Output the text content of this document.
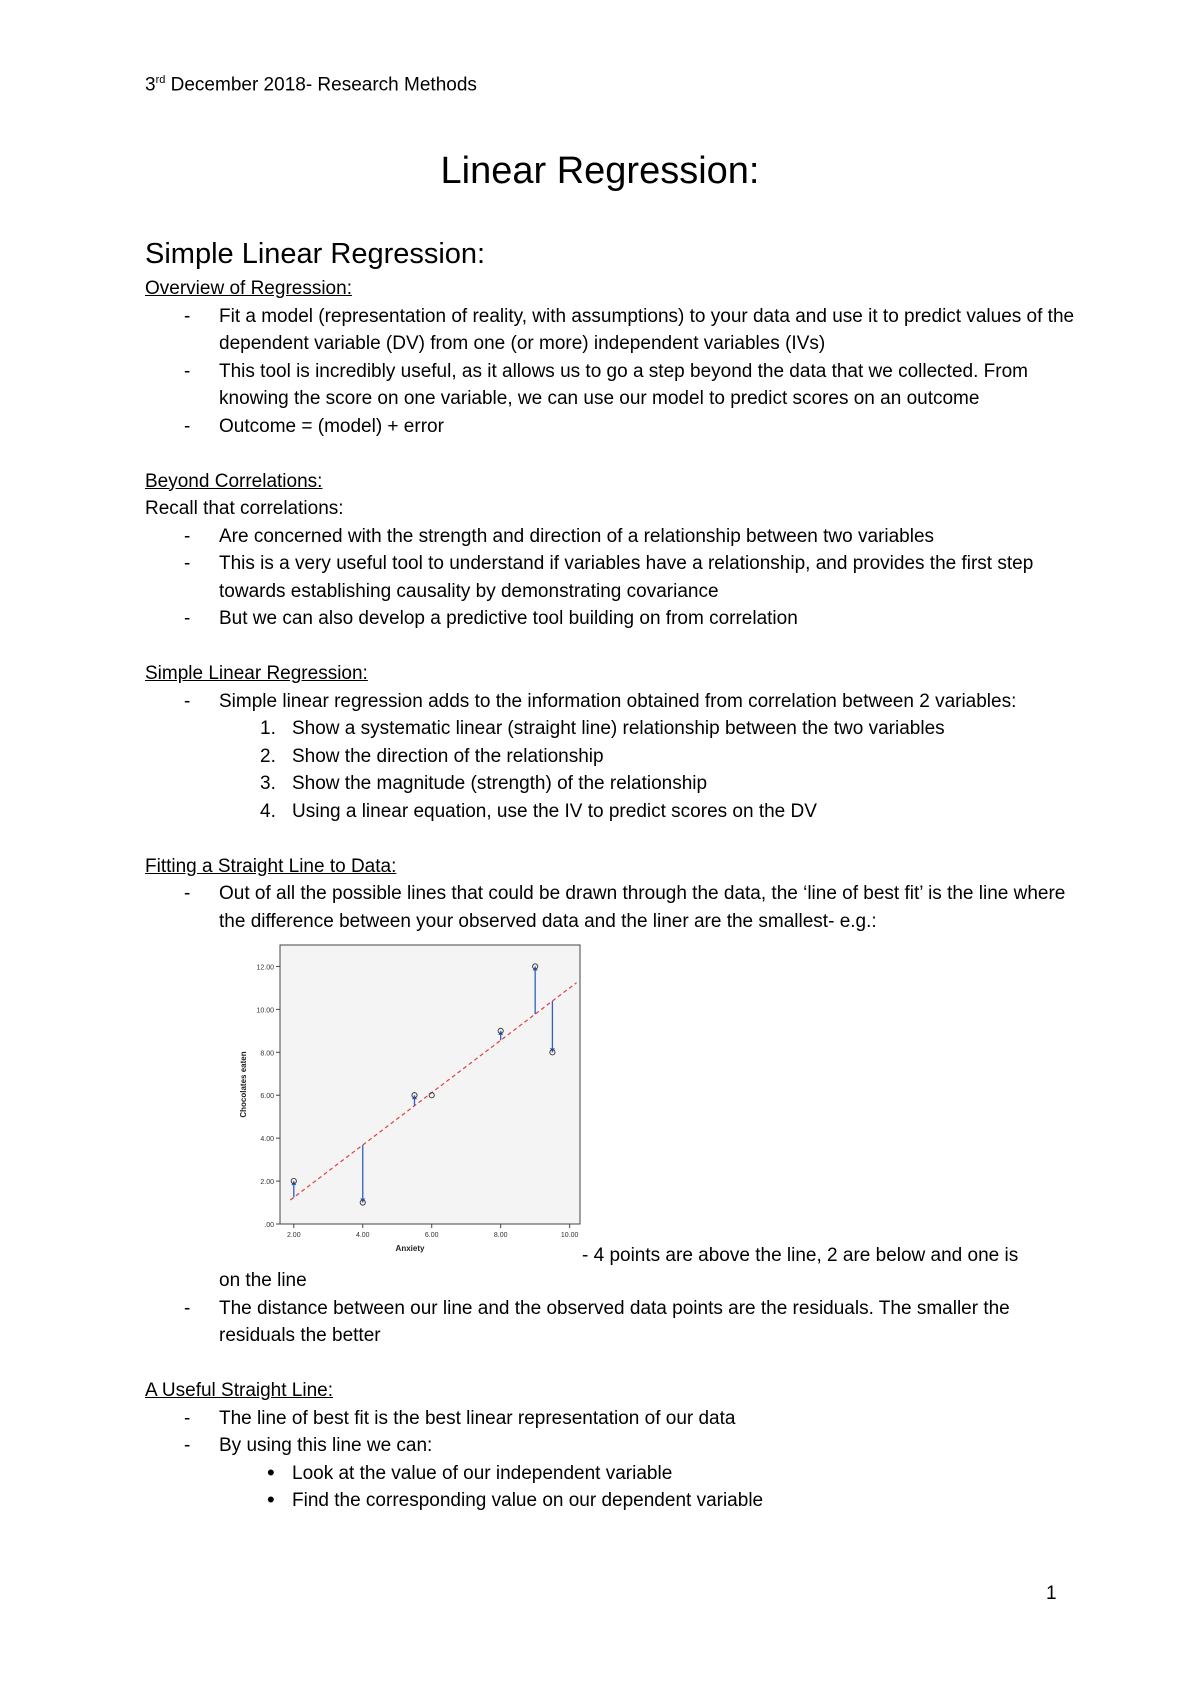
3rd December 2018- Research Methods
Linear Regression:
Simple Linear Regression:

Overview of Regression:

- Fit a model (representation of reality, with assumptions) to your data and use it to predict values of the dependent variable (DV) from one (or more) independent variables (IVs)
- This tool is incredibly useful, as it allows us to go a step beyond the data that we collected. From knowing the score on one variable, we can use our model to predict scores on an outcome
- Outcome = (model) + error

Beyond Correlations:

Recall that correlations:

- Are concerned with the strength and direction of a relationship between two variables
- This is a very useful tool to understand if variables have a relationship, and provides the first step towards establishing causality by demonstrating covariance
- But we can also develop a predictive tool building on from correlation

Simple Linear Regression:

- Simple linear regression adds to the information obtained from correlation between 2 variables:
1. Show a systematic linear (straight line) relationship between the two variables
2. Show the direction of the relationship
3. Show the magnitude (strength) of the relationship
4. Using a linear equation, use the IV to predict scores on the DV

Fitting a Straight Line to Data:

- Out of all the possible lines that could be drawn through the data, the ‘line of best fit’ is the line where the difference between your observed data and the liner are the smallest- e.g.:
.00
2.00
4.00
6.00
8.00
10.00
12.00
2.00	4.00	6.00	8.00	10.00
Anxiety
Chocolates eaten
- 4 points are above the line, 2 are below and one is
on the line
- The distance between our line and the observed data points are the residuals. The smaller the residuals the better

A Useful Straight Line:

- The line of best fit is the best linear representation of our data
- By using this line we can:
• Look at the value of our independent variable
• Find the corresponding value on our dependent variable
1
